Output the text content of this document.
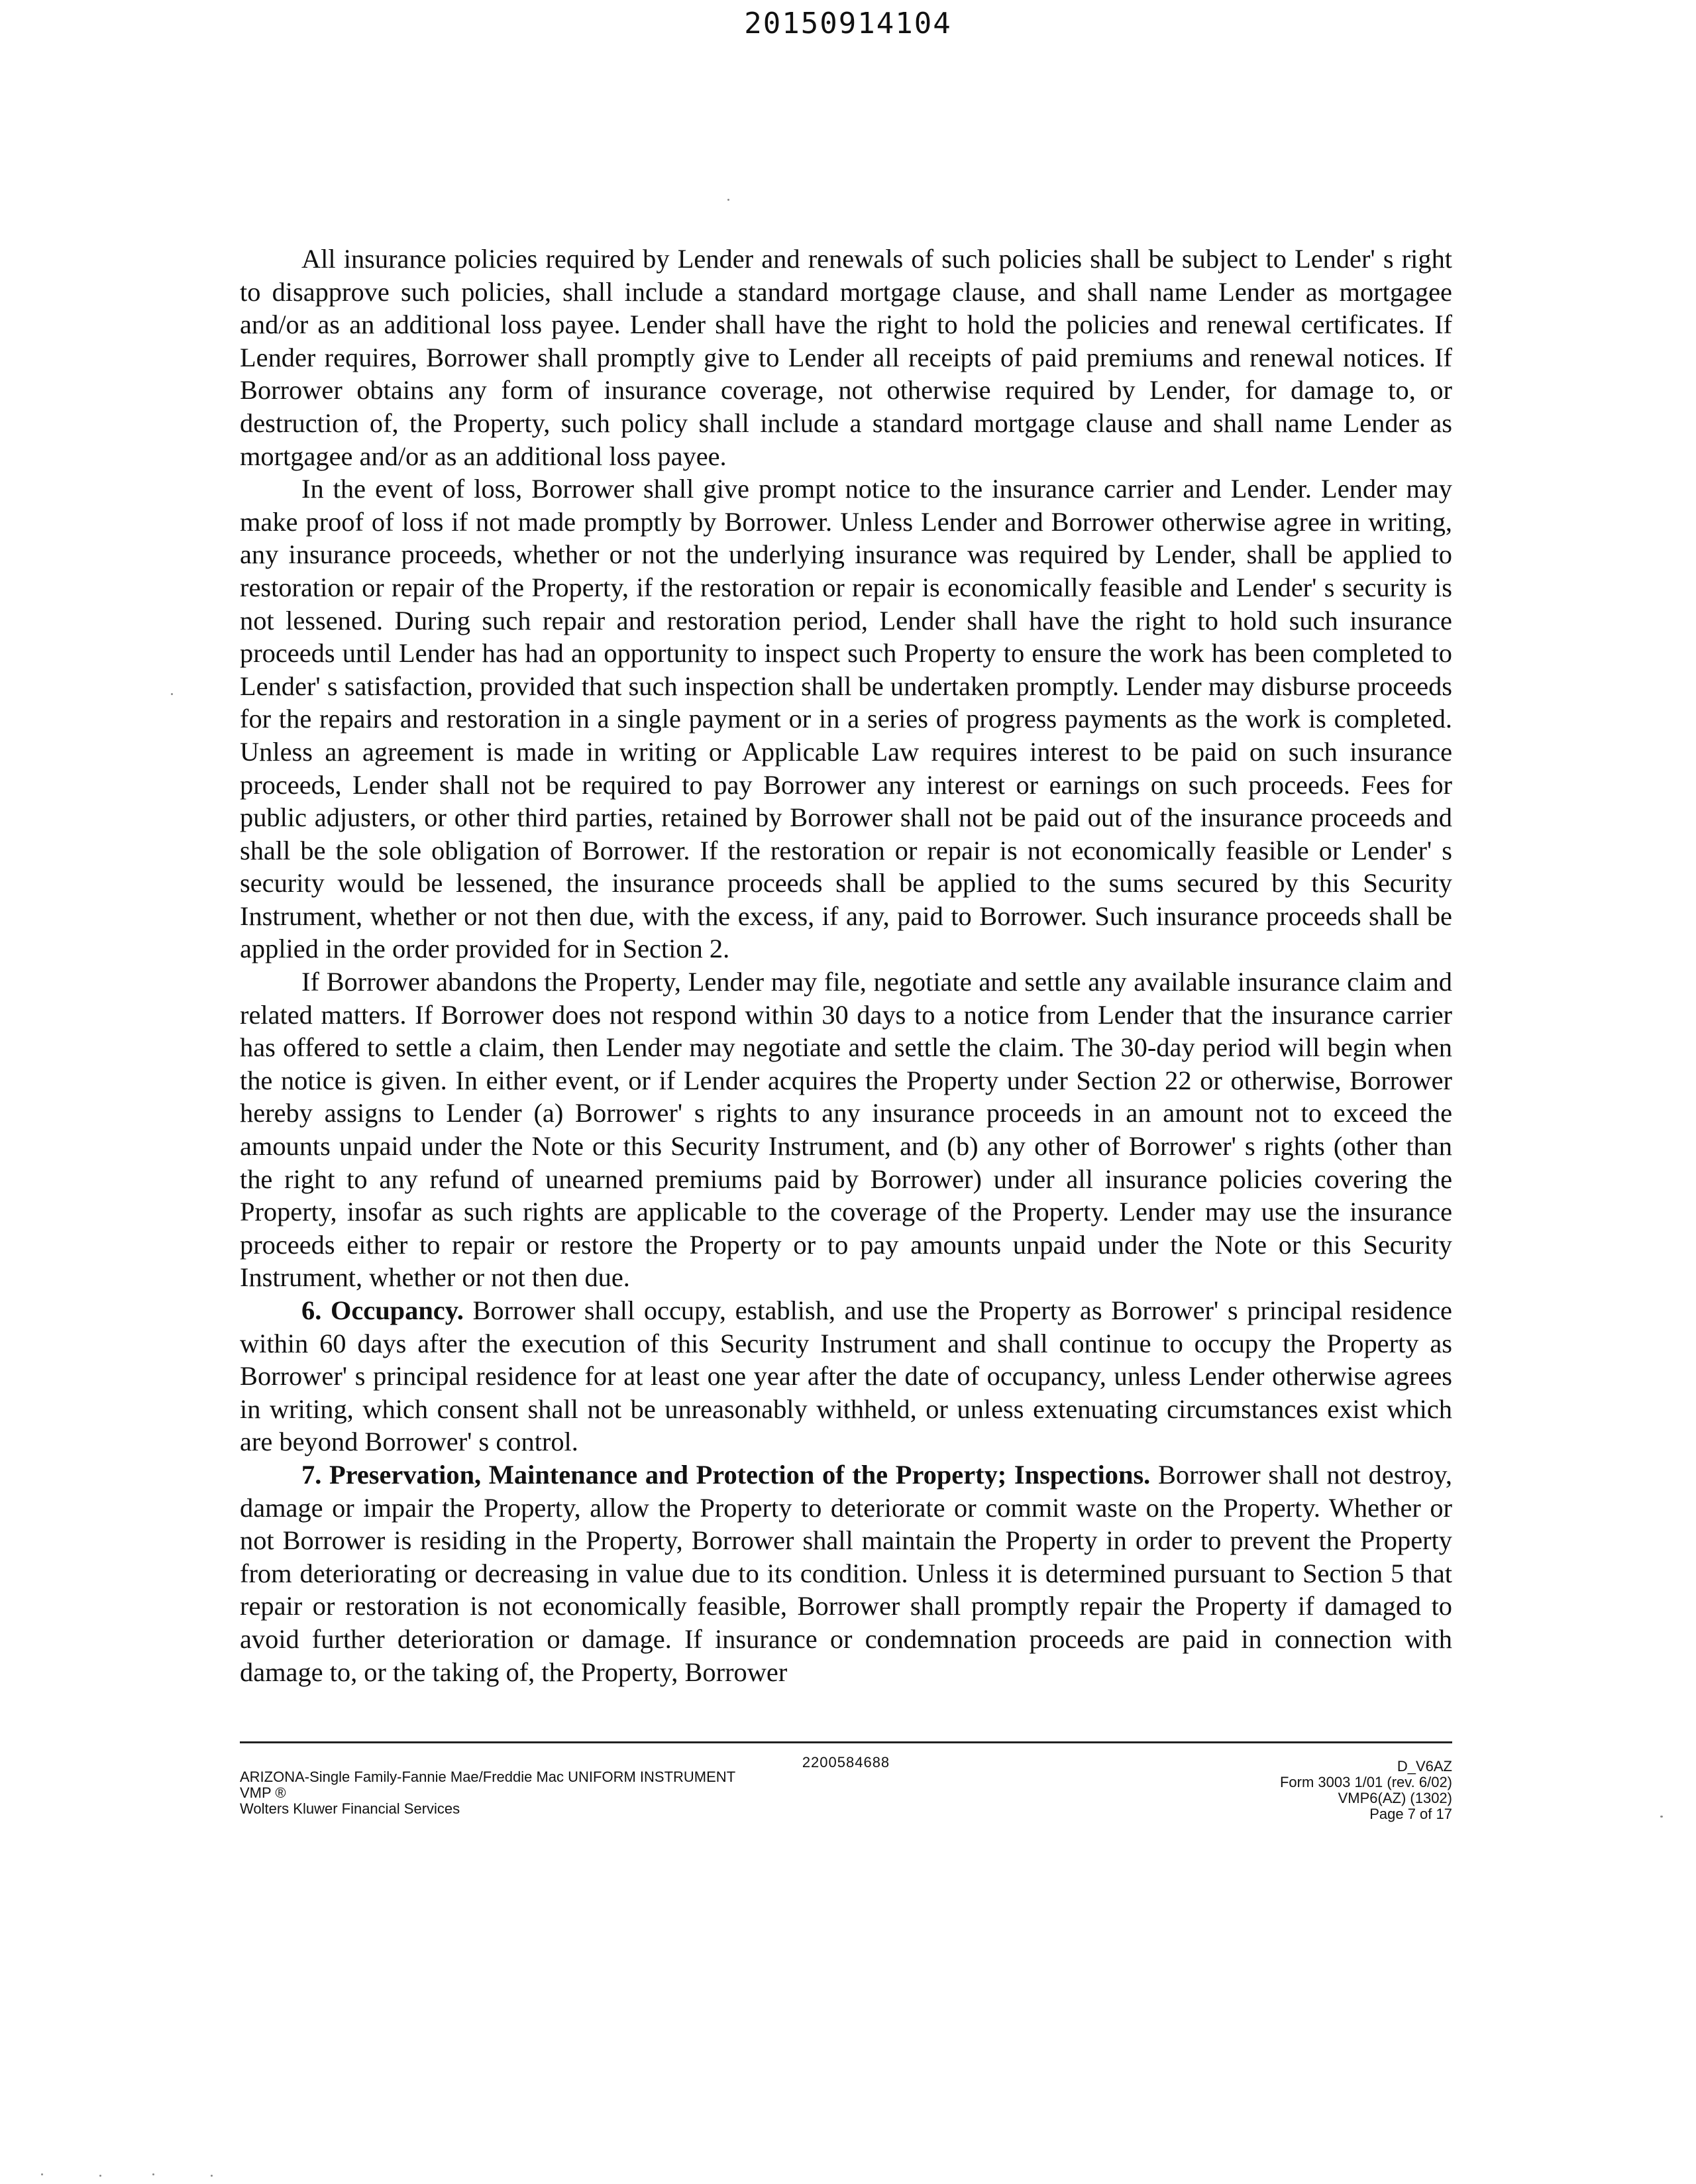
20150914104

All insurance policies required by Lender and renewals of such policies shall be subject to Lender' s right to disapprove such policies, shall include a standard mortgage clause, and shall name Lender as mortgagee and/or as an additional loss payee. Lender shall have the right to hold the policies and renewal certificates. If Lender requires, Borrower shall promptly give to Lender all receipts of paid premiums and renewal notices. If Borrower obtains any form of insurance coverage, not otherwise required by Lender, for damage to, or destruction of, the Property, such policy shall include a standard mortgage clause and shall name Lender as mortgagee and/or as an additional loss payee.

In the event of loss, Borrower shall give prompt notice to the insurance carrier and Lender. Lender may make proof of loss if not made promptly by Borrower. Unless Lender and Borrower otherwise agree in writing, any insurance proceeds, whether or not the underlying insurance was required by Lender, shall be applied to restoration or repair of the Property, if the restoration or repair is economically feasible and Lender' s security is not lessened. During such repair and restoration period, Lender shall have the right to hold such insurance proceeds until Lender has had an opportunity to inspect such Property to ensure the work has been completed to Lender' s satisfaction, provided that such inspection shall be undertaken promptly. Lender may disburse proceeds for the repairs and restoration in a single payment or in a series of progress payments as the work is completed. Unless an agreement is made in writing or Applicable Law requires interest to be paid on such insurance proceeds, Lender shall not be required to pay Borrower any interest or earnings on such proceeds. Fees for public adjusters, or other third parties, retained by Borrower shall not be paid out of the insurance proceeds and shall be the sole obligation of Borrower. If the restoration or repair is not economically feasible or Lender' s security would be lessened, the insurance proceeds shall be applied to the sums secured by this Security Instrument, whether or not then due, with the excess, if any, paid to Borrower. Such insurance proceeds shall be applied in the order provided for in Section 2.

If Borrower abandons the Property, Lender may file, negotiate and settle any available insurance claim and related matters. If Borrower does not respond within 30 days to a notice from Lender that the insurance carrier has offered to settle a claim, then Lender may negotiate and settle the claim. The 30-day period will begin when the notice is given. In either event, or if Lender acquires the Property under Section 22 or otherwise, Borrower hereby assigns to Lender (a) Borrower' s rights to any insurance proceeds in an amount not to exceed the amounts unpaid under the Note or this Security Instrument, and (b) any other of Borrower' s rights (other than the right to any refund of unearned premiums paid by Borrower) under all insurance policies covering the Property, insofar as such rights are applicable to the coverage of the Property. Lender may use the insurance proceeds either to repair or restore the Property or to pay amounts unpaid under the Note or this Security Instrument, whether or not then due.

6. Occupancy. Borrower shall occupy, establish, and use the Property as Borrower' s principal residence within 60 days after the execution of this Security Instrument and shall continue to occupy the Property as Borrower' s principal residence for at least one year after the date of occupancy, unless Lender otherwise agrees in writing, which consent shall not be unreasonably withheld, or unless extenuating circumstances exist which are beyond Borrower' s control.

7. Preservation, Maintenance and Protection of the Property; Inspections. Borrower shall not destroy, damage or impair the Property, allow the Property to deteriorate or commit waste on the Property. Whether or not Borrower is residing in the Property, Borrower shall maintain the Property in order to prevent the Property from deteriorating or decreasing in value due to its condition. Unless it is determined pursuant to Section 5 that repair or restoration is not economically feasible, Borrower shall promptly repair the Property if damaged to avoid further deterioration or damage. If insurance or condemnation proceeds are paid in connection with damage to, or the taking of, the Property, Borrower

2200584688
ARIZONA-Single Family-Fannie Mae/Freddie Mac UNIFORM INSTRUMENT
VMP ®
Wolters Kluwer Financial Services
D_V6AZ
Form 3003 1/01 (rev. 6/02)
VMP6(AZ) (1302)
Page 7 of 17
